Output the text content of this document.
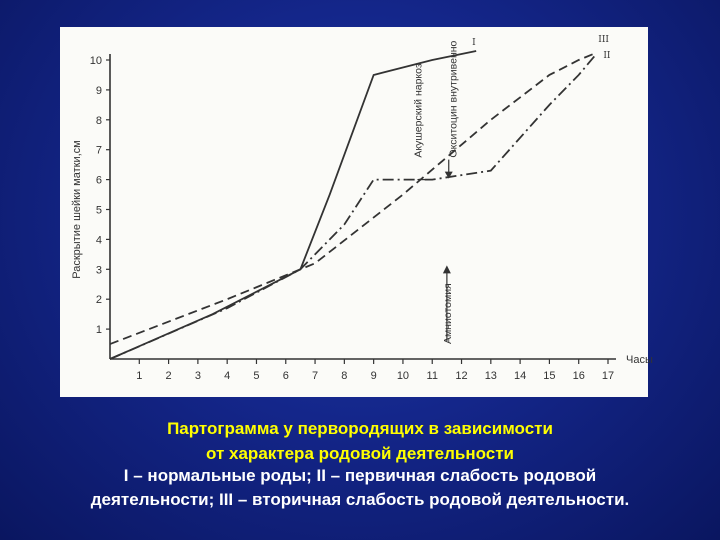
1
2
3
4
5
6
7
8
9
10
1 2 3 4 5 6 7 8 9 10 11 12 13 14 15 16 17
Раскрытие шейки матки,см
Часы
I
II
III
Акушерский наркоз Окситоцин внутривенно
Амниотомия

Партограмма у первородящих в зависимости

от характера родовой деятельности

I – нормальные роды; II – первичная слабость родовой

деятельности; III – вторичная слабость родовой деятельности.
